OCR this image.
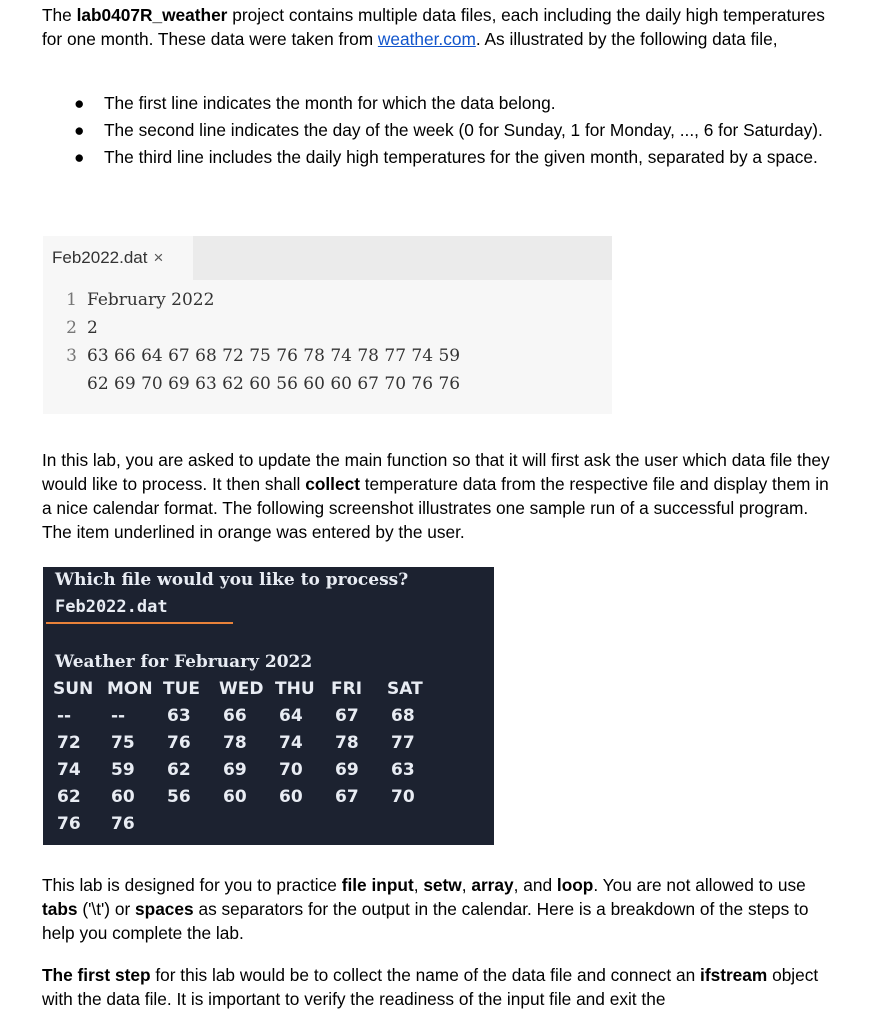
The lab0407R_weather project contains multiple data files, each including the daily high temperatures for one month. These data were taken from weather.com. As illustrated by the following data file,

● The first line indicates the month for which the data belong.
● The second line indicates the day of the week (0 for Sunday, 1 for Monday, ..., 6 for Saturday).
● The third line includes the daily high temperatures for the given month, separated by a space.
Feb2022.dat ×
1 February 2022
2 2
3 63 66 64 67 68 72 75 76 78 74 78 77 74 59
62 69 70 69 63 62 60 56 60 60 67 70 76 76

In this lab, you are asked to update the main function so that it will first ask the user which data file they would like to process. It then shall collect temperature data from the respective file and display them in a nice calendar format. The following screenshot illustrates one sample run of a successful program. The item underlined in orange was entered by the user.

Which file would you like to process?
Feb2022.dat
Weather for February 2022
SUN MON TUE WED THU FRI SAT
-- -- 63 66 64 67 68
72 75 76 78 74 78 77
74 59 62 69 70 69 63
62 60 56 60 60 67 70
76 76

This lab is designed for you to practice file input, setw, array, and loop. You are not allowed to use tabs ('\t') or spaces as separators for the output in the calendar. Here is a breakdown of the steps to help you complete the lab.

The first step for this lab would be to collect the name of the data file and connect an ifstream object with the data file. It is important to verify the readiness of the input file and exit the
